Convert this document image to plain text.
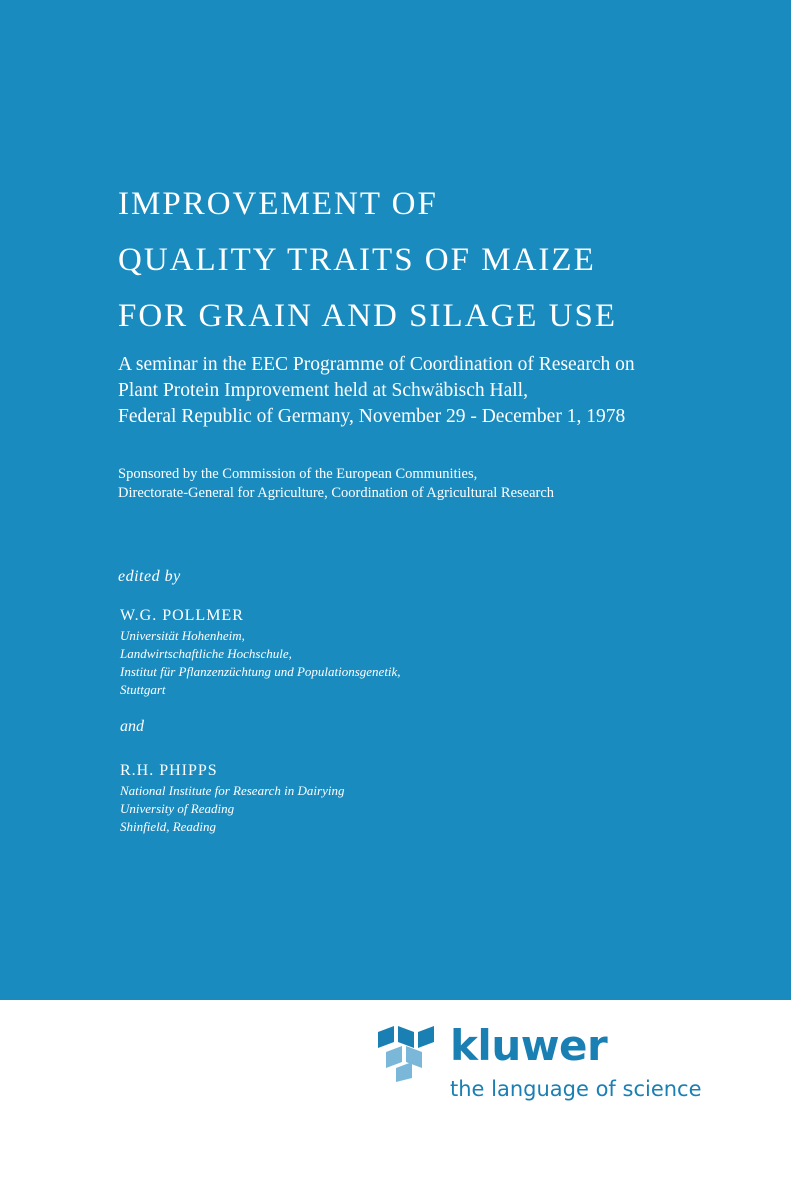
IMPROVEMENT OF
QUALITY TRAITS OF MAIZE
FOR GRAIN AND SILAGE USE
A seminar in the EEC Programme of Coordination of Research on
Plant Protein Improvement held at Schwäbisch Hall,
Federal Republic of Germany, November 29 - December 1, 1978
Sponsored by the Commission of the European Communities,
Directorate-General for Agriculture, Coordination of Agricultural Research
edited by
W.G. POLLMER
Universität Hohenheim,
Landwirtschaftliche Hochschule,
Institut für Pflanzenzüchtung und Populationsgenetik,
Stuttgart
and
R.H. PHIPPS
National Institute for Research in Dairying
University of Reading
Shinfield, Reading
kluwer
the language of science
